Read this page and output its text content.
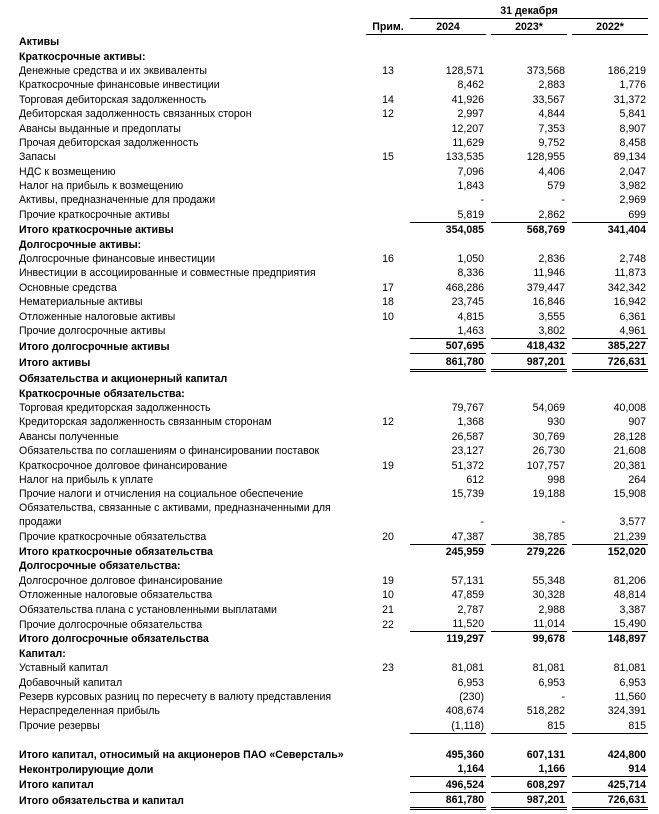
		31 декабря				
	Прим.	2024		2023*		2022*
Активы						
Краткосрочные активы:						
Денежные средства и их эквиваленты	13	128,571		373,568		186,219
Краткосрочные финансовые инвестиции		8,462		2,883		1,776
Торговая дебиторская задолженность	14	41,926		33,567		31,372
Дебиторская задолженность связанных сторон	12	2,997		4,844		5,841
Авансы выданные и предоплаты		12,207		7,353		8,907
Прочая дебиторская задолженность		11,629		9,752		8,458
Запасы	15	133,535		128,955		89,134
НДС к возмещению		7,096		4,406		2,047
Налог на прибыль к возмещению		1,843		579		3,982
Активы, предназначенные для продажи		-		-		2,969
Прочие краткосрочные активы		5,819		2,862		699
Итого краткосрочные активы		354,085		568,769		341,404
Долгосрочные активы:						
Долгосрочные финансовые инвестиции	16	1,050		2,836		2,748
Инвестиции в ассоциированные и совместные предприятия		8,336		11,946		11,873
Основные средства	17	468,286		379,447		342,342
Нематериальные активы	18	23,745		16,846		16,942
Отложенные налоговые активы	10	4,815		3,555		6,361
Прочие долгосрочные активы		1,463		3,802		4,961
Итого долгосрочные активы		507,695		418,432		385,227
Итого активы		861,780		987,201		726,631
Обязательства и акционерный капитал						
Краткосрочные обязательства:						
Торговая кредиторская задолженность		79,767		54,069		40,008
Кредиторская задолженность связанным сторонам	12	1,368		930		907
Авансы полученные		26,587		30,769		28,128
Обязательства по соглашениям о финансировании поставок		23,127		26,730		21,608
Краткосрочное долговое финансирование	19	51,372		107,757		20,381
Налог на прибыль к уплате		612		998		264
Прочие налоги и отчисления на социальное обеспечение		15,739		19,188		15,908
Обязательства, связанные с активами, предназначенными для продажи		-		-		3,577
Прочие краткосрочные обязательства	20	47,387		38,785		21,239
Итого краткосрочные обязательства		245,959		279,226		152,020
Долгосрочные обязательства:						
Долгосрочное долговое финансирование	19	57,131		55,348		81,206
Отложенные налоговые обязательства	10	47,859		30,328		48,814
Обязательства плана с установленными выплатами	21	2,787		2,988		3,387
Прочие долгосрочные обязательства	22	11,520		11,014		15,490
Итого долгосрочные обязательства		119,297		99,678		148,897
Капитал:						
Уставный капитал	23	81,081		81,081		81,081
Добавочный капитал		6,953		6,953		6,953
Резерв курсовых разниц по пересчету в валюту представления		(230)		-		11,560
Нераспределенная прибыль		408,674		518,282		324,391
Прочие резервы		(1,118)		815		815
Итого капитал, относимый на акционеров ПАО «Северсталь»		495,360		607,131		424,800
Неконтролирующие доли		1,164		1,166		914
Итого капитал		496,524		608,297		425,714
Итого обязательства и капитал		861,780		987,201		726,631
